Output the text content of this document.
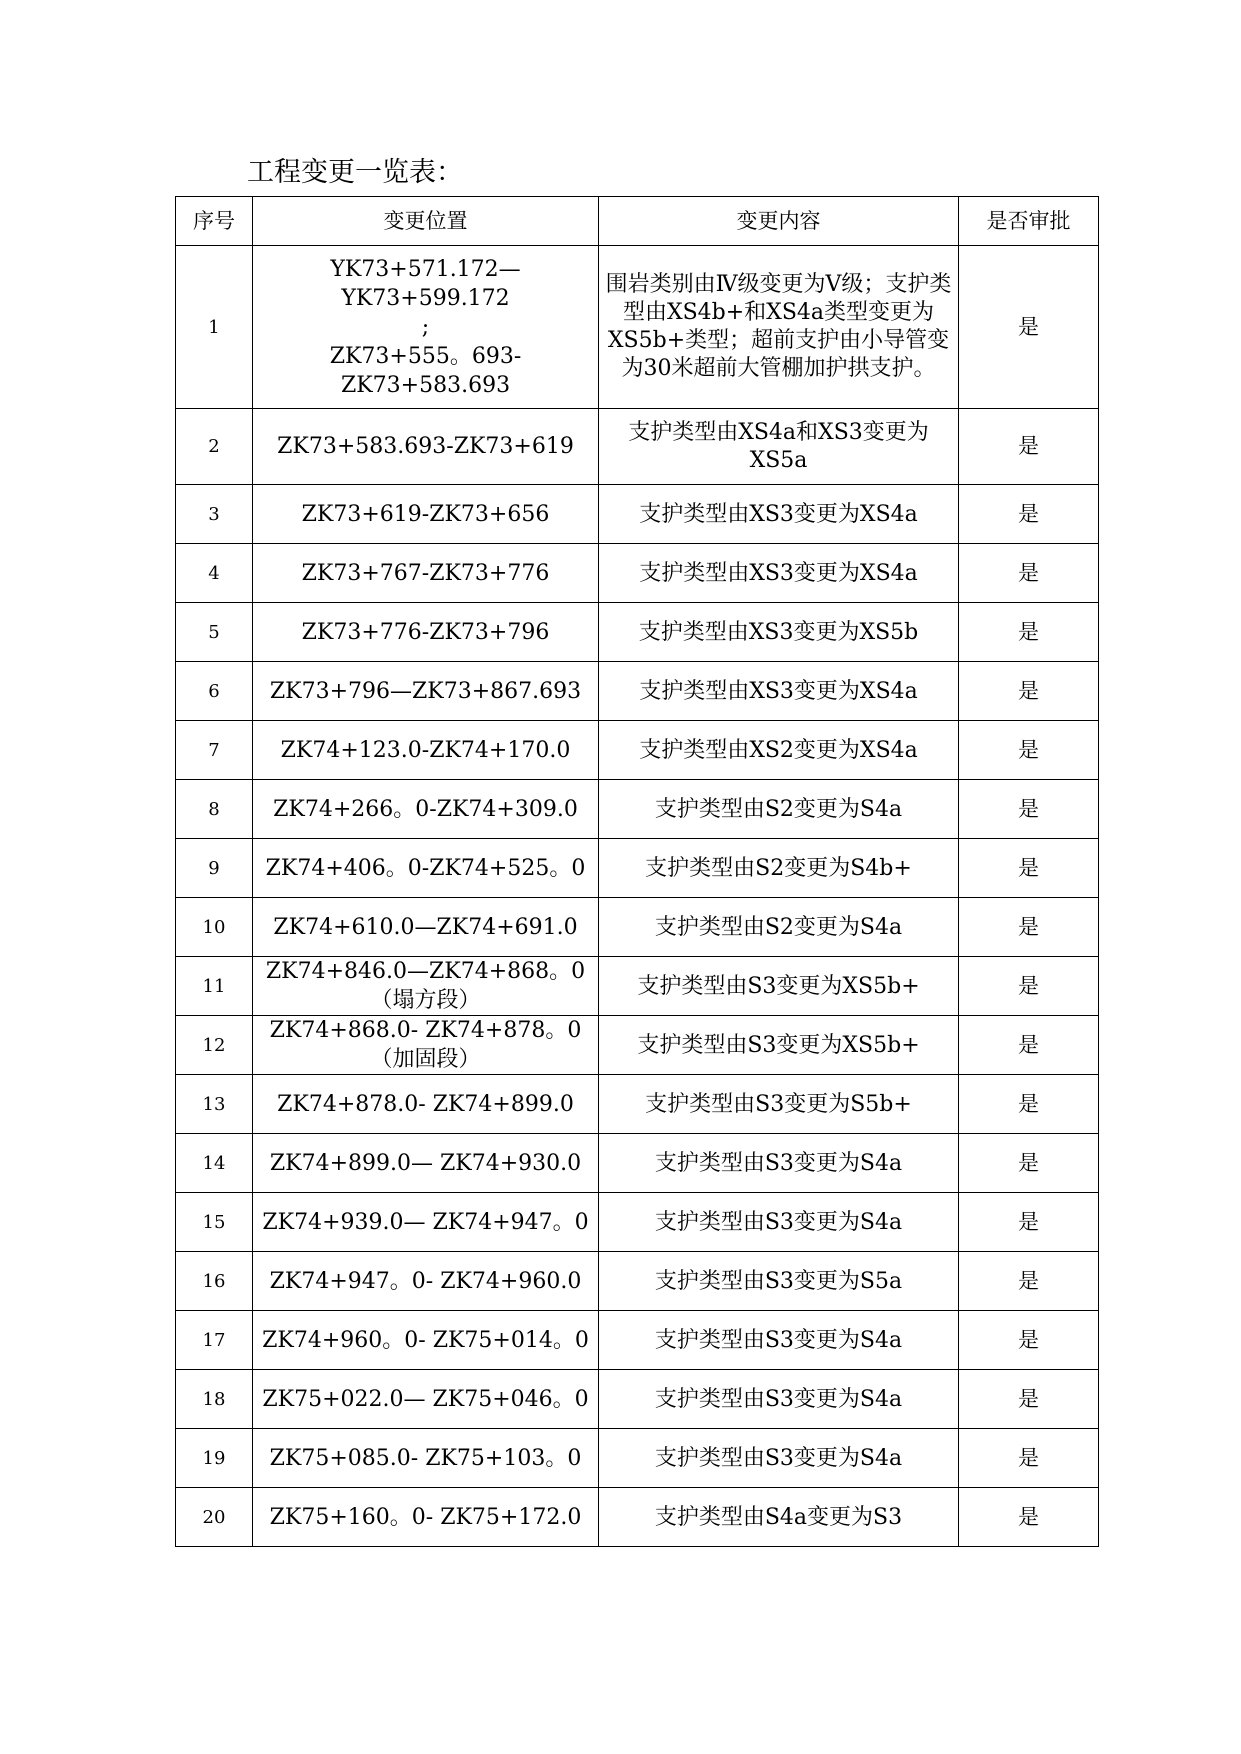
工程变更一览表：
序号	变更位置	变更内容	是否审批
1	YK73+571.172—YK73+599.172
;
ZK73+555。693-ZK73+583.693	围岩类别由Ⅳ级变更为Ⅴ级；支护类型由XS4b+和XS4a类型变更为XS5b+类型；超前支护由小导管变为30米超前大管棚加护拱支护。	是
2	ZK73+583.693-ZK73+619	支护类型由XS4a和XS3变更为XS5a	是
3	ZK73+619-ZK73+656	支护类型由XS3变更为XS4a	是
4	ZK73+767-ZK73+776	支护类型由XS3变更为XS4a	是
5	ZK73+776-ZK73+796	支护类型由XS3变更为XS5b	是
6	ZK73+796—ZK73+867.693	支护类型由XS3变更为XS4a	是
7	ZK74+123.0-ZK74+170.0	支护类型由XS2变更为XS4a	是
8	ZK74+266。0-ZK74+309.0	支护类型由S2变更为S4a	是
9	ZK74+406。0-ZK74+525。0	支护类型由S2变更为S4b+	是
10	ZK74+610.0—ZK74+691.0	支护类型由S2变更为S4a	是
11	ZK74+846.0—ZK74+868。0（塌方段）	支护类型由S3变更为XS5b+	是
12	ZK74+868.0- ZK74+878。0（加固段）	支护类型由S3变更为XS5b+	是
13	ZK74+878.0- ZK74+899.0	支护类型由S3变更为S5b+	是
14	ZK74+899.0— ZK74+930.0	支护类型由S3变更为S4a	是
15	ZK74+939.0— ZK74+947。0	支护类型由S3变更为S4a	是
16	ZK74+947。0- ZK74+960.0	支护类型由S3变更为S5a	是
17	ZK74+960。0- ZK75+014。0	支护类型由S3变更为S4a	是
18	ZK75+022.0— ZK75+046。0	支护类型由S3变更为S4a	是
19	ZK75+085.0- ZK75+103。0	支护类型由S3变更为S4a	是
20	ZK75+160。0- ZK75+172.0	支护类型由S4a变更为S3	是
